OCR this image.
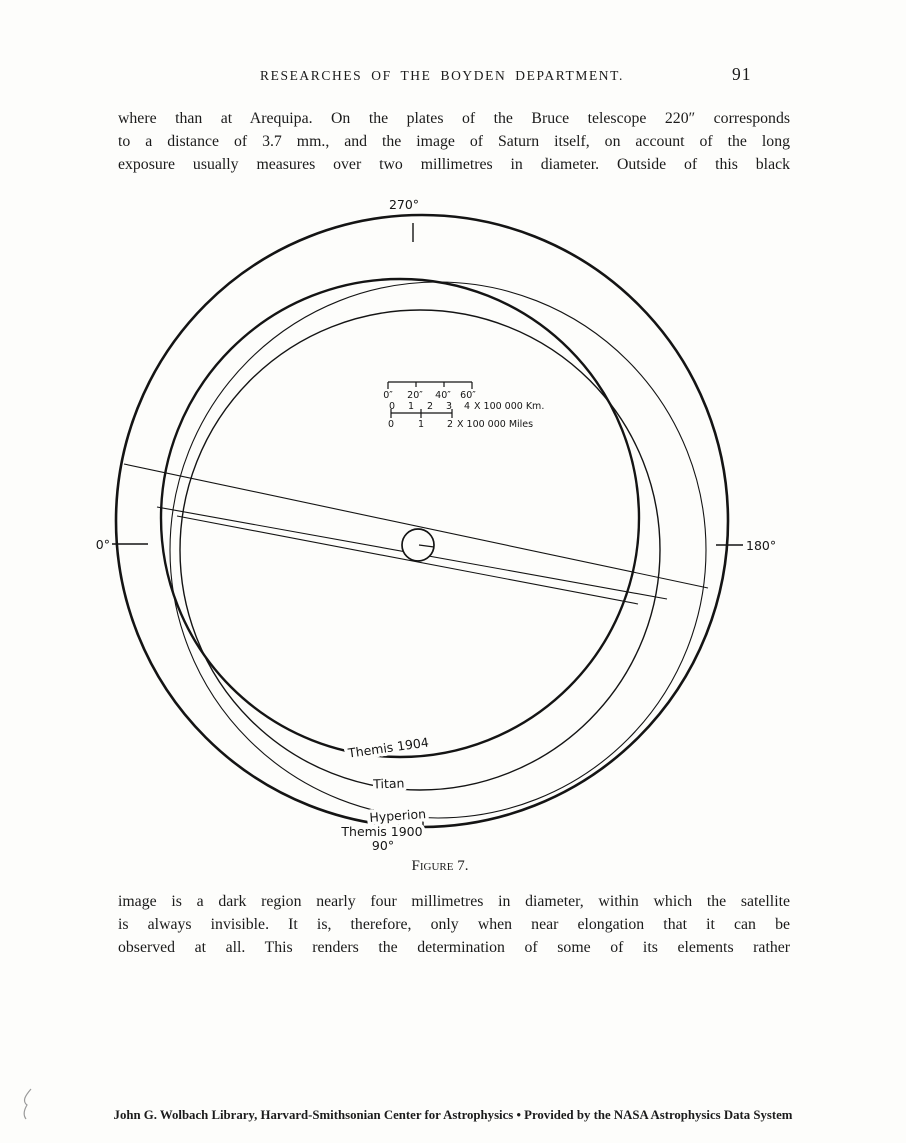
RESEARCHES OF THE BOYDEN DEPARTMENT.	91
where than at Arequipa. On the plates of the Bruce telescope 220″ corresponds
to a distance of 3.7 mm., and the image of Saturn itself, on account of the long
exposure usually measures over two millimetres in diameter. Outside of this black
270°
0°	180°
90°
Themis 1904
Titan
Hyperion
Themis 1900
0″ 20″ 40″ 60″
0 1 2 3 4 X 100 000 Km.
0	1 2 X 100 000 Miles
Figure 7.
image is a dark region nearly four millimetres in diameter, within which the satellite
is always invisible. It is, therefore, only when near elongation that it can be
observed at all. This renders the determination of some of its elements rather
John G. Wolbach Library, Harvard-Smithsonian Center for Astrophysics • Provided by the NASA Astrophysics Data System
